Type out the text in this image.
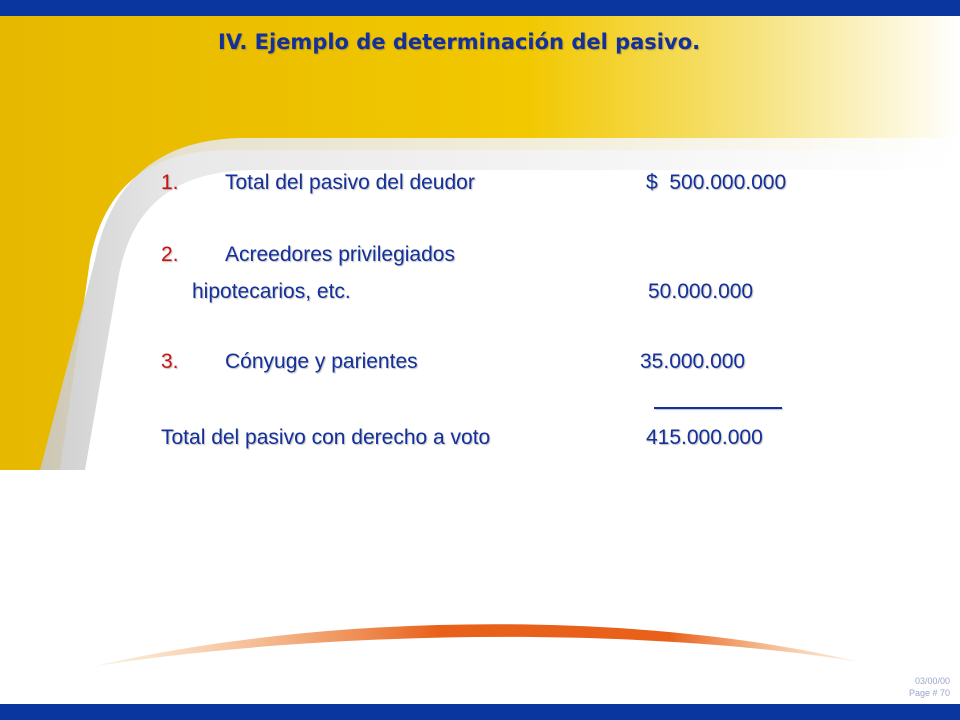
IV. Ejemplo de determinación del pasivo.
1. Total del pasivo del deudor	$  500.000.000
2. Acreedores privilegiados
hipotecarios, etc.	50.000.000
3. Cónyuge y parientes	35.000.000
Total del pasivo con derecho a voto	415.000.000
03/00/00
Page # 70
